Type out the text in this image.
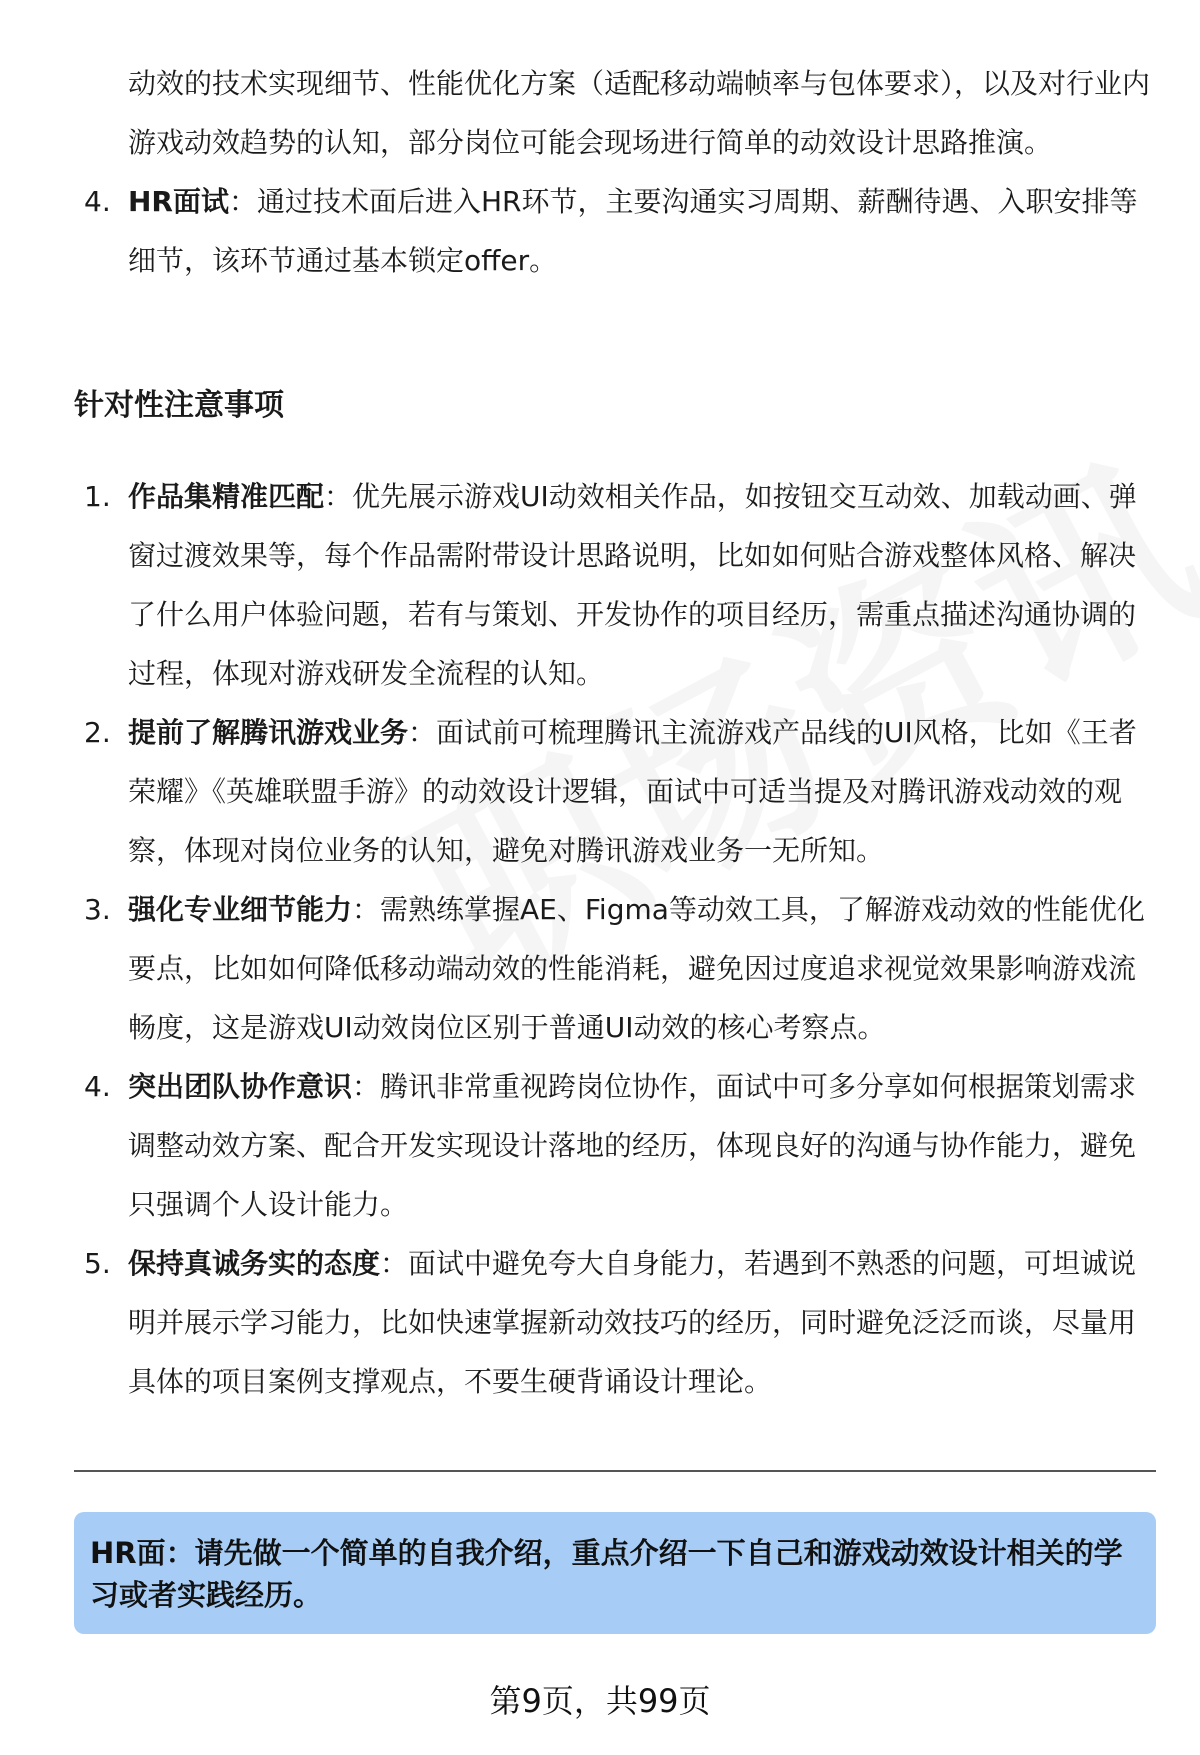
动效的技术实现细节、性能优化方案（适配移动端帧率与包体要求），以及对行业内游戏动效趋势的认知，部分岗位可能会现场进行简单的动效设计思路推演。
4. HR面试：通过技术面后进入HR环节，主要沟通实习周期、薪酬待遇、入职安排等细节，该环节通过基本锁定offer。
针对性注意事项
1. 作品集精准匹配：优先展示游戏UI动效相关作品，如按钮交互动效、加载动画、弹窗过渡效果等，每个作品需附带设计思路说明，比如如何贴合游戏整体风格、解决了什么用户体验问题，若有与策划、开发协作的项目经历，需重点描述沟通协调的过程，体现对游戏研发全流程的认知。
2. 提前了解腾讯游戏业务：面试前可梳理腾讯主流游戏产品线的UI风格，比如《王者荣耀》《英雄联盟手游》的动效设计逻辑，面试中可适当提及对腾讯游戏动效的观察，体现对岗位业务的认知，避免对腾讯游戏业务一无所知。
3. 强化专业细节能力：需熟练掌握AE、Figma等动效工具，了解游戏动效的性能优化要点，比如如何降低移动端动效的性能消耗，避免因过度追求视觉效果影响游戏流畅度，这是游戏UI动效岗位区别于普通UI动效的核心考察点。
4. 突出团队协作意识：腾讯非常重视跨岗位协作，面试中可多分享如何根据策划需求调整动效方案、配合开发实现设计落地的经历，体现良好的沟通与协作能力，避免只强调个人设计能力。
5. 保持真诚务实的态度：面试中避免夸大自身能力，若遇到不熟悉的问题，可坦诚说明并展示学习能力，比如快速掌握新动效技巧的经历，同时避免泛泛而谈，尽量用具体的项目案例支撑观点，不要生硬背诵设计理论。
HR面：请先做一个简单的自我介绍，重点介绍一下自己和游戏动效设计相关的学习或者实践经历。
第9页，共99页
